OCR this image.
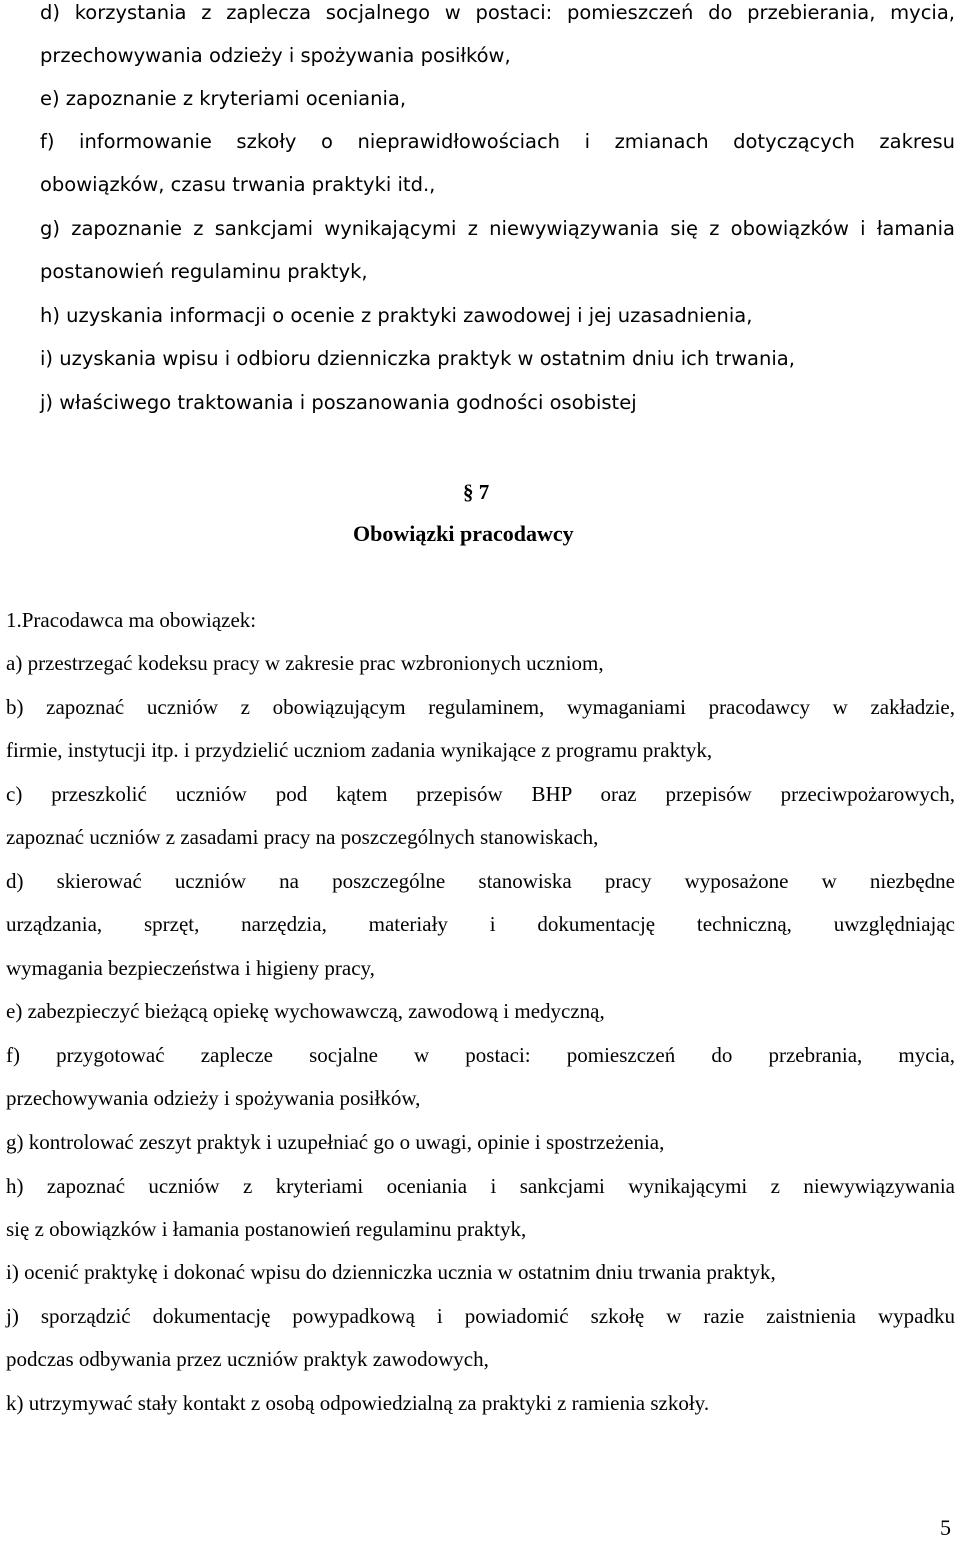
d) korzystania z zaplecza socjalnego w postaci: pomieszczeń do przebierania, mycia,
przechowywania odzieży i spożywania posiłków,
e) zapoznanie z kryteriami oceniania,
f) informowanie szkoły o nieprawidłowościach i zmianach dotyczących zakresu
obowiązków, czasu trwania praktyki itd.,
g) zapoznanie z sankcjami wynikającymi z niewywiązywania się z obowiązków i łamania
postanowień regulaminu praktyk,
h) uzyskania informacji o ocenie z praktyki zawodowej i jej uzasadnienia,
i) uzyskania wpisu i odbioru dzienniczka praktyk w ostatnim dniu ich trwania,
j) właściwego traktowania i poszanowania godności osobistej
§ 7
Obowiązki pracodawcy
1.Pracodawca ma obowiązek:
a) przestrzegać kodeksu pracy w zakresie prac wzbronionych uczniom,
b) zapoznać uczniów z obowiązującym regulaminem, wymaganiami pracodawcy w zakładzie,
firmie, instytucji itp. i przydzielić uczniom zadania wynikające z programu praktyk,
c) przeszkolić uczniów pod kątem przepisów BHP oraz przepisów przeciwpożarowych,
zapoznać uczniów z zasadami pracy na poszczególnych stanowiskach,
d) skierować uczniów na poszczególne stanowiska pracy wyposażone w niezbędne
urządzania, sprzęt, narzędzia, materiały i dokumentację techniczną, uwzględniając
wymagania bezpieczeństwa i higieny pracy,
e) zabezpieczyć bieżącą opiekę wychowawczą, zawodową i medyczną,
f) przygotować zaplecze socjalne w postaci: pomieszczeń do przebrania, mycia,
przechowywania odzieży i spożywania posiłków,
g) kontrolować zeszyt praktyk i uzupełniać go o uwagi, opinie i spostrzeżenia,
h) zapoznać uczniów z kryteriami oceniania i sankcjami wynikającymi z niewywiązywania
się z obowiązków i łamania postanowień regulaminu praktyk,
i) ocenić praktykę i dokonać wpisu do dzienniczka ucznia w ostatnim dniu trwania praktyk,
j) sporządzić dokumentację powypadkową i powiadomić szkołę w razie zaistnienia wypadku
podczas odbywania przez uczniów praktyk zawodowych,
k) utrzymywać stały kontakt z osobą odpowiedzialną za praktyki z ramienia szkoły.
5
